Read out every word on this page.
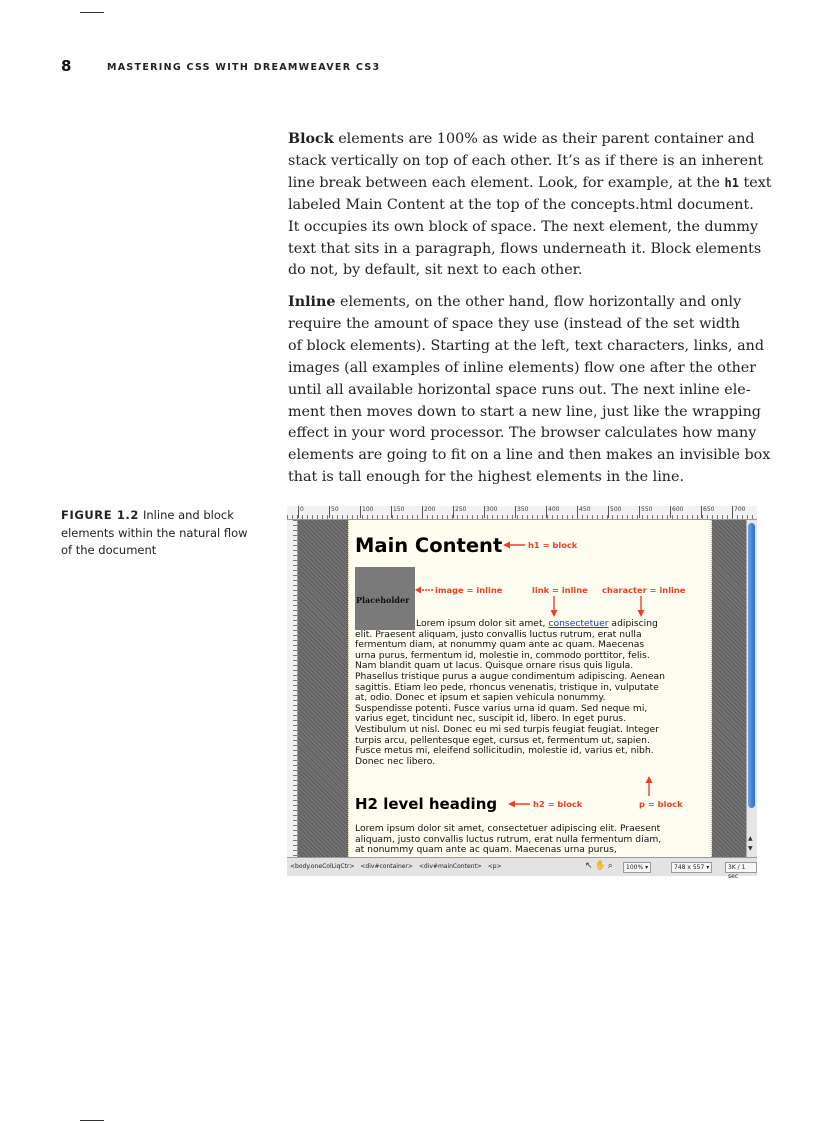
8	MASTERING CSS WITH DREAMWEAVER CS3

Block elements are 100% as wide as their parent container and
stack vertically on top of each other. It’s as if there is an inherent
line break between each element. Look, for example, at the h1 text
labeled Main Content at the top of the concepts.html document.
It occupies its own block of space. The next element, the dummy
text that sits in a paragraph, flows underneath it. Block elements
do not, by default, sit next to each other.

Inline elements, on the other hand, flow horizontally and only
require the amount of space they use (instead of the set width
of block elements). Starting at the left, text characters, links, and
images (all examples of inline elements) flow one after the other
until all available horizontal space runs out. The next inline ele-
ment then moves down to start a new line, just like the wrapping
effect in your word processor. The browser calculates how many
elements are going to fit on a line and then makes an invisible box
that is tall enough for the highest elements in the line.

FIGURE 1.2 Inline and block elements within the natural flow of the document
0	50	100	150	200	250	300	350	400	450	500	550	600	650	700
Main Content
Placeholder

Lorem ipsum dolor sit amet, consectetuer adipiscing

elit. Praesent aliquam, justo convallis luctus rutrum, erat nulla
fermentum diam, at nonummy quam ante ac quam. Maecenas
urna purus, fermentum id, molestie in, commodo porttitor, felis.
Nam blandit quam ut lacus. Quisque ornare risus quis ligula.
Phasellus tristique purus a augue condimentum adipiscing. Aenean
sagittis. Etiam leo pede, rhoncus venenatis, tristique in, vulputate
at, odio. Donec et ipsum et sapien vehicula nonummy.
Suspendisse potenti. Fusce varius urna id quam. Sed neque mi,
varius eget, tincidunt nec, suscipit id, libero. In eget purus.
Vestibulum ut nisl. Donec eu mi sed turpis feugiat feugiat. Integer
turpis arcu, pellentesque eget, cursus et, fermentum ut, sapien.
Fusce metus mi, eleifend sollicitudin, molestie id, varius et, nibh.
Donec nec libero.

H2 level heading

Lorem ipsum dolor sit amet, consectetuer adipiscing elit. Praesent
aliquam, justo convallis luctus rutrum, erat nulla fermentum diam,
at nonummy quam ante ac quam. Maecenas urna purus,

h1 = block
image = inline	link = inline character = inline
h2 = block	p = block
▲
▼
<body.oneColLiqCtr> <div#container> <div#mainContent> <p>	↖✋⌕	100% ▾	748 x 557 ▾	3K / 1 sec
